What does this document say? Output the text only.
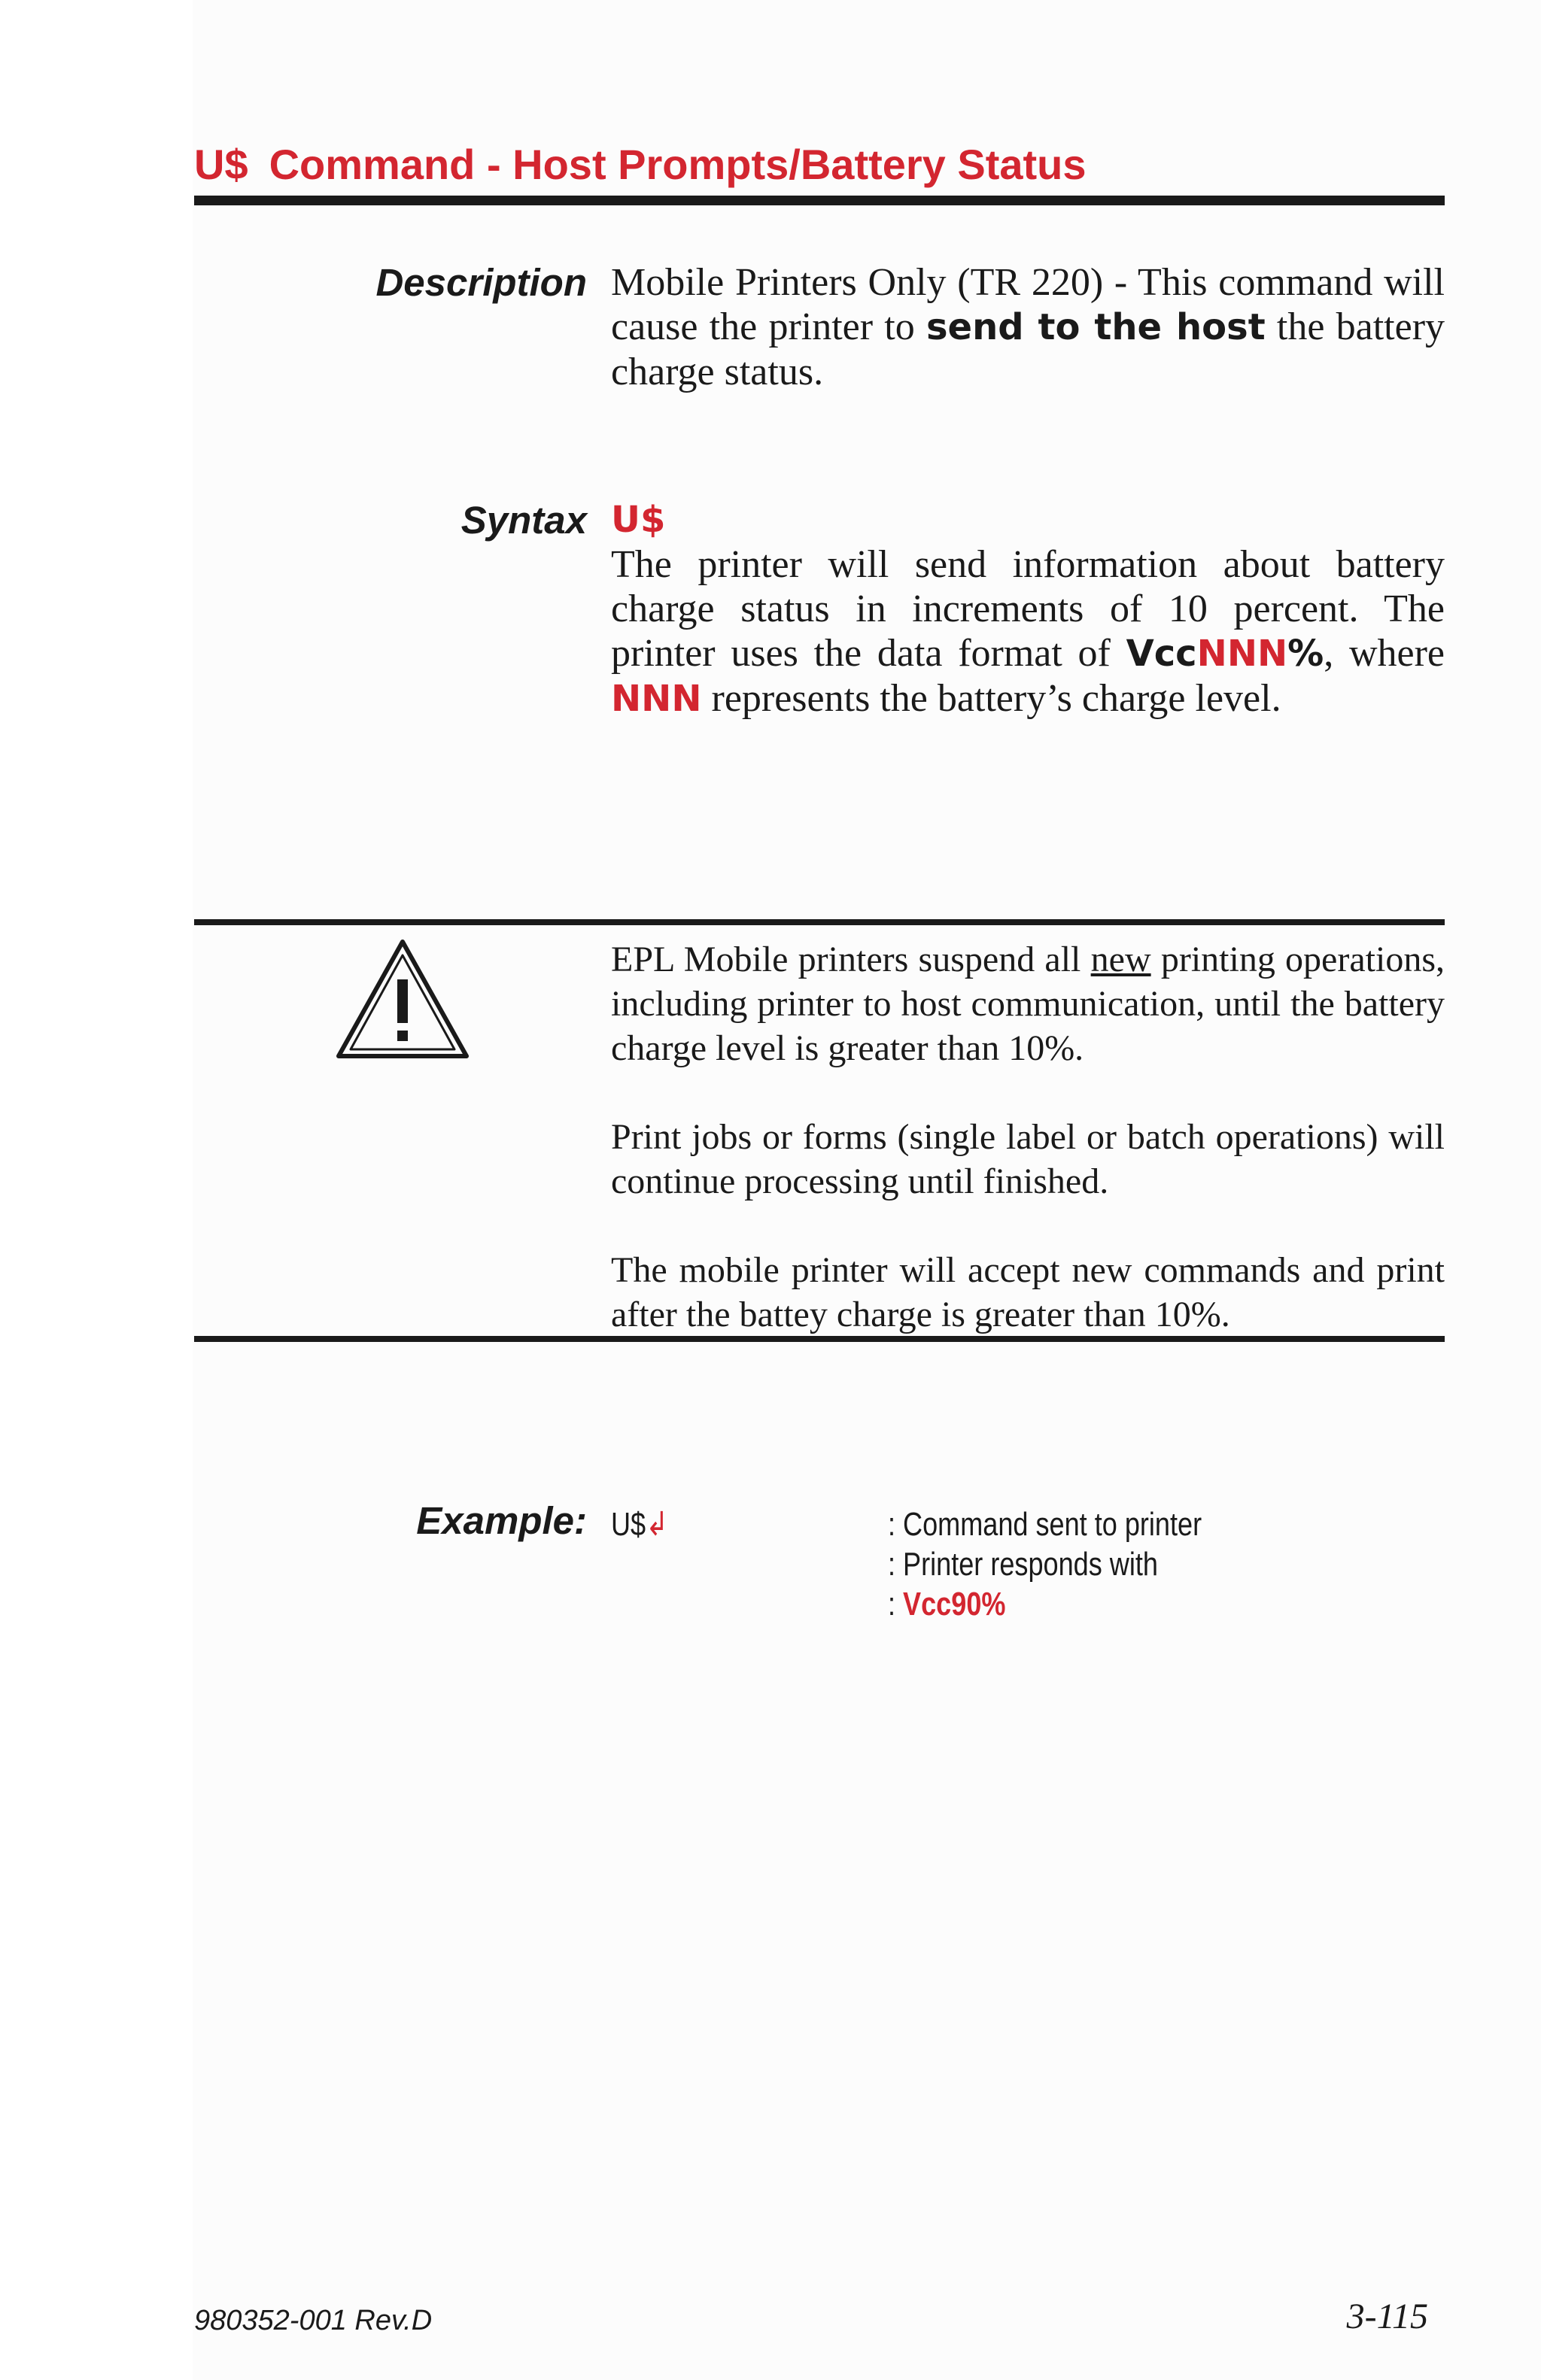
U$ Command - Host Prompts/Battery Status
Description Mobile Printers Only (TR 220) - This command will cause the printer to send to the host the battery charge status.
Syntax U$
The printer will send information about battery charge status in increments of 10 percent. The printer uses the data format of VccNNN%, where NNN represents the battery’s charge level.
EPL Mobile printers suspend all new printing operations, including printer to host communication, until the battery charge level is greater than 10%.
Print jobs or forms (single label or batch operations) will continue processing until finished.
The mobile printer will accept new commands and print after the battey charge is greater than 10%.
Example: U$↲	: Command sent to printer
: Printer responds with
: Vcc90%
980352-001 Rev.D	3-115
